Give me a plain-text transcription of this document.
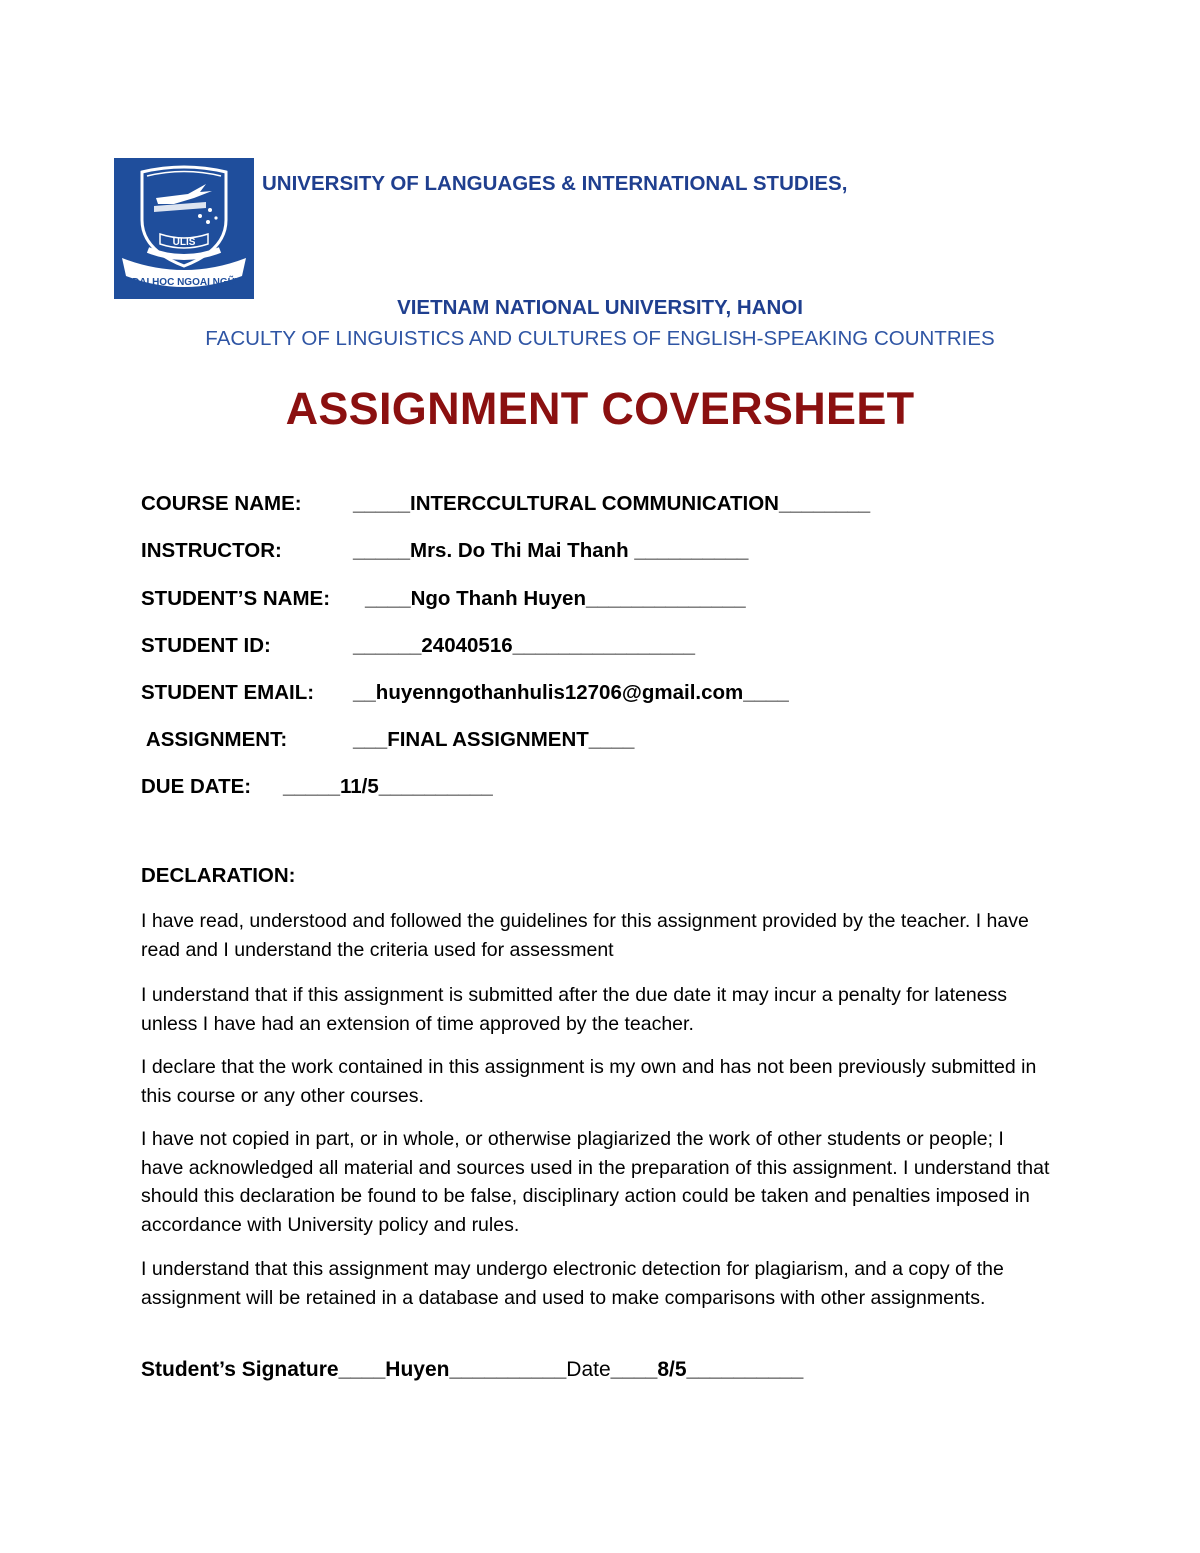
ULIS
ĐẠI HỌC NGOẠI NGỮ
UNIVERSITY OF LANGUAGES & INTERNATIONAL STUDIES,
VIETNAM NATIONAL UNIVERSITY, HANOI
FACULTY OF LINGUISTICS AND CULTURES OF ENGLISH-SPEAKING COUNTRIES
ASSIGNMENT COVERSHEET
COURSE NAME:	_____INTERCCULTURAL COMMUNICATION________
INSTRUCTOR:	_____Mrs. Do Thi Mai Thanh __________
STUDENT’S NAME: ____Ngo Thanh Huyen______________
STUDENT ID:	______24040516________________
STUDENT EMAIL: __huyenngothanhulis12706@gmail.com____
ASSIGNMENT:	___FINAL ASSIGNMENT____
DUE DATE: _____11/5__________
DECLARATION:
I have read, understood and followed the guidelines for this assignment provided by the teacher. I have read and I understand the criteria used for assessment
I understand that if this assignment is submitted after the due date it may incur a penalty for lateness unless I have had an extension of time approved by the teacher.
I declare that the work contained in this assignment is my own and has not been previously submitted in this course or any other courses.
I have not copied in part, or in whole, or otherwise plagiarized the work of other students or people; I have acknowledged all material and sources used in the preparation of this assignment. I understand that should this declaration be found to be false, disciplinary action could be taken and penalties imposed in accordance with University policy and rules.
I understand that this assignment may undergo electronic detection for plagiarism, and a copy of the assignment will be retained in a database and used to make comparisons with other assignments.
Student’s Signature____Huyen__________Date____8/5__________
